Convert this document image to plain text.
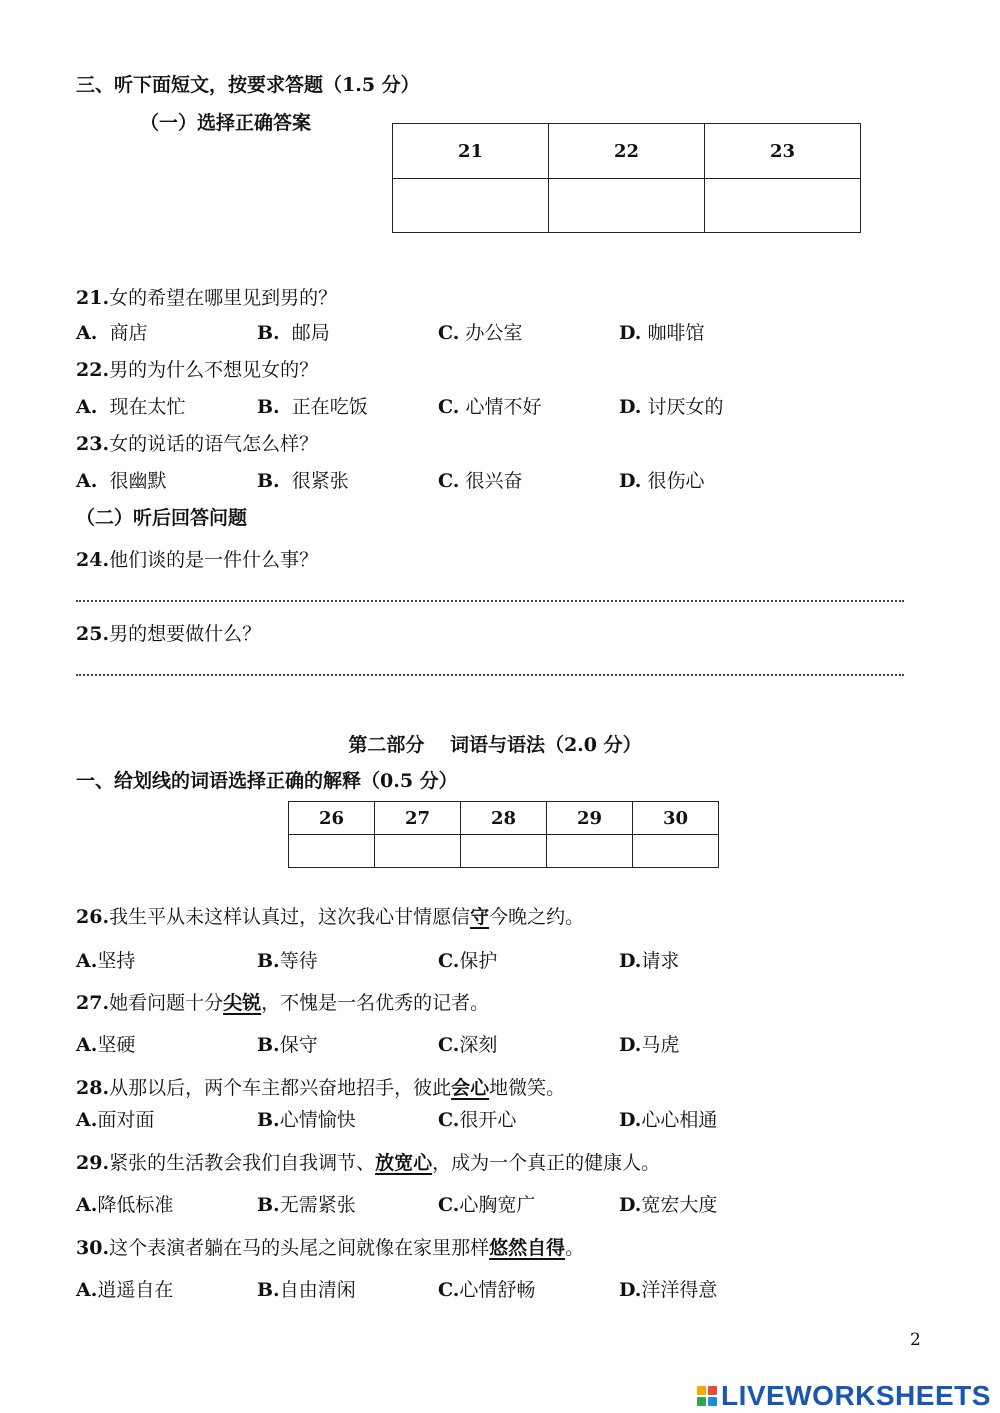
三、听下面短文，按要求答题（1.5 分）
（一）选择正确答案
21	22	23

21.女的希望在哪里见到男的？
A. 商店	B. 邮局	C. 办公室	D. 咖啡馆
22.男的为什么不想见女的？
A. 现在太忙	B. 正在吃饭	C. 心情不好	D. 讨厌女的
23.女的说话的语气怎么样？
A. 很幽默	B. 很紧张	C. 很兴奋	D. 很伤心
（二）听后回答问题
24.他们谈的是一件什么事？
25.男的想要做什么？
第二部分　 词语与语法（2.0 分）
一、给划线的词语选择正确的解释（0.5 分）
26	27	28	29	30

26.我生平从未这样认真过，这次我心甘情愿信守今晚之约。
A.坚持	B.等待	C.保护	D.请求
27.她看问题十分尖锐，不愧是一名优秀的记者。
A.坚硬	B.保守	C.深刻	D.马虎
28.从那以后，两个车主都兴奋地招手，彼此会心地微笑。
A.面对面	B.心情愉快	C.很开心	D.心心相通
29.紧张的生活教会我们自我调节、放宽心，成为一个真正的健康人。
A.降低标准	B.无需紧张	C.心胸宽广	D.宽宏大度
30.这个表演者躺在马的头尾之间就像在家里那样悠然自得。
A.逍遥自在	B.自由清闲	C.心情舒畅	D.洋洋得意
2
LIVEWORKSHEETS
